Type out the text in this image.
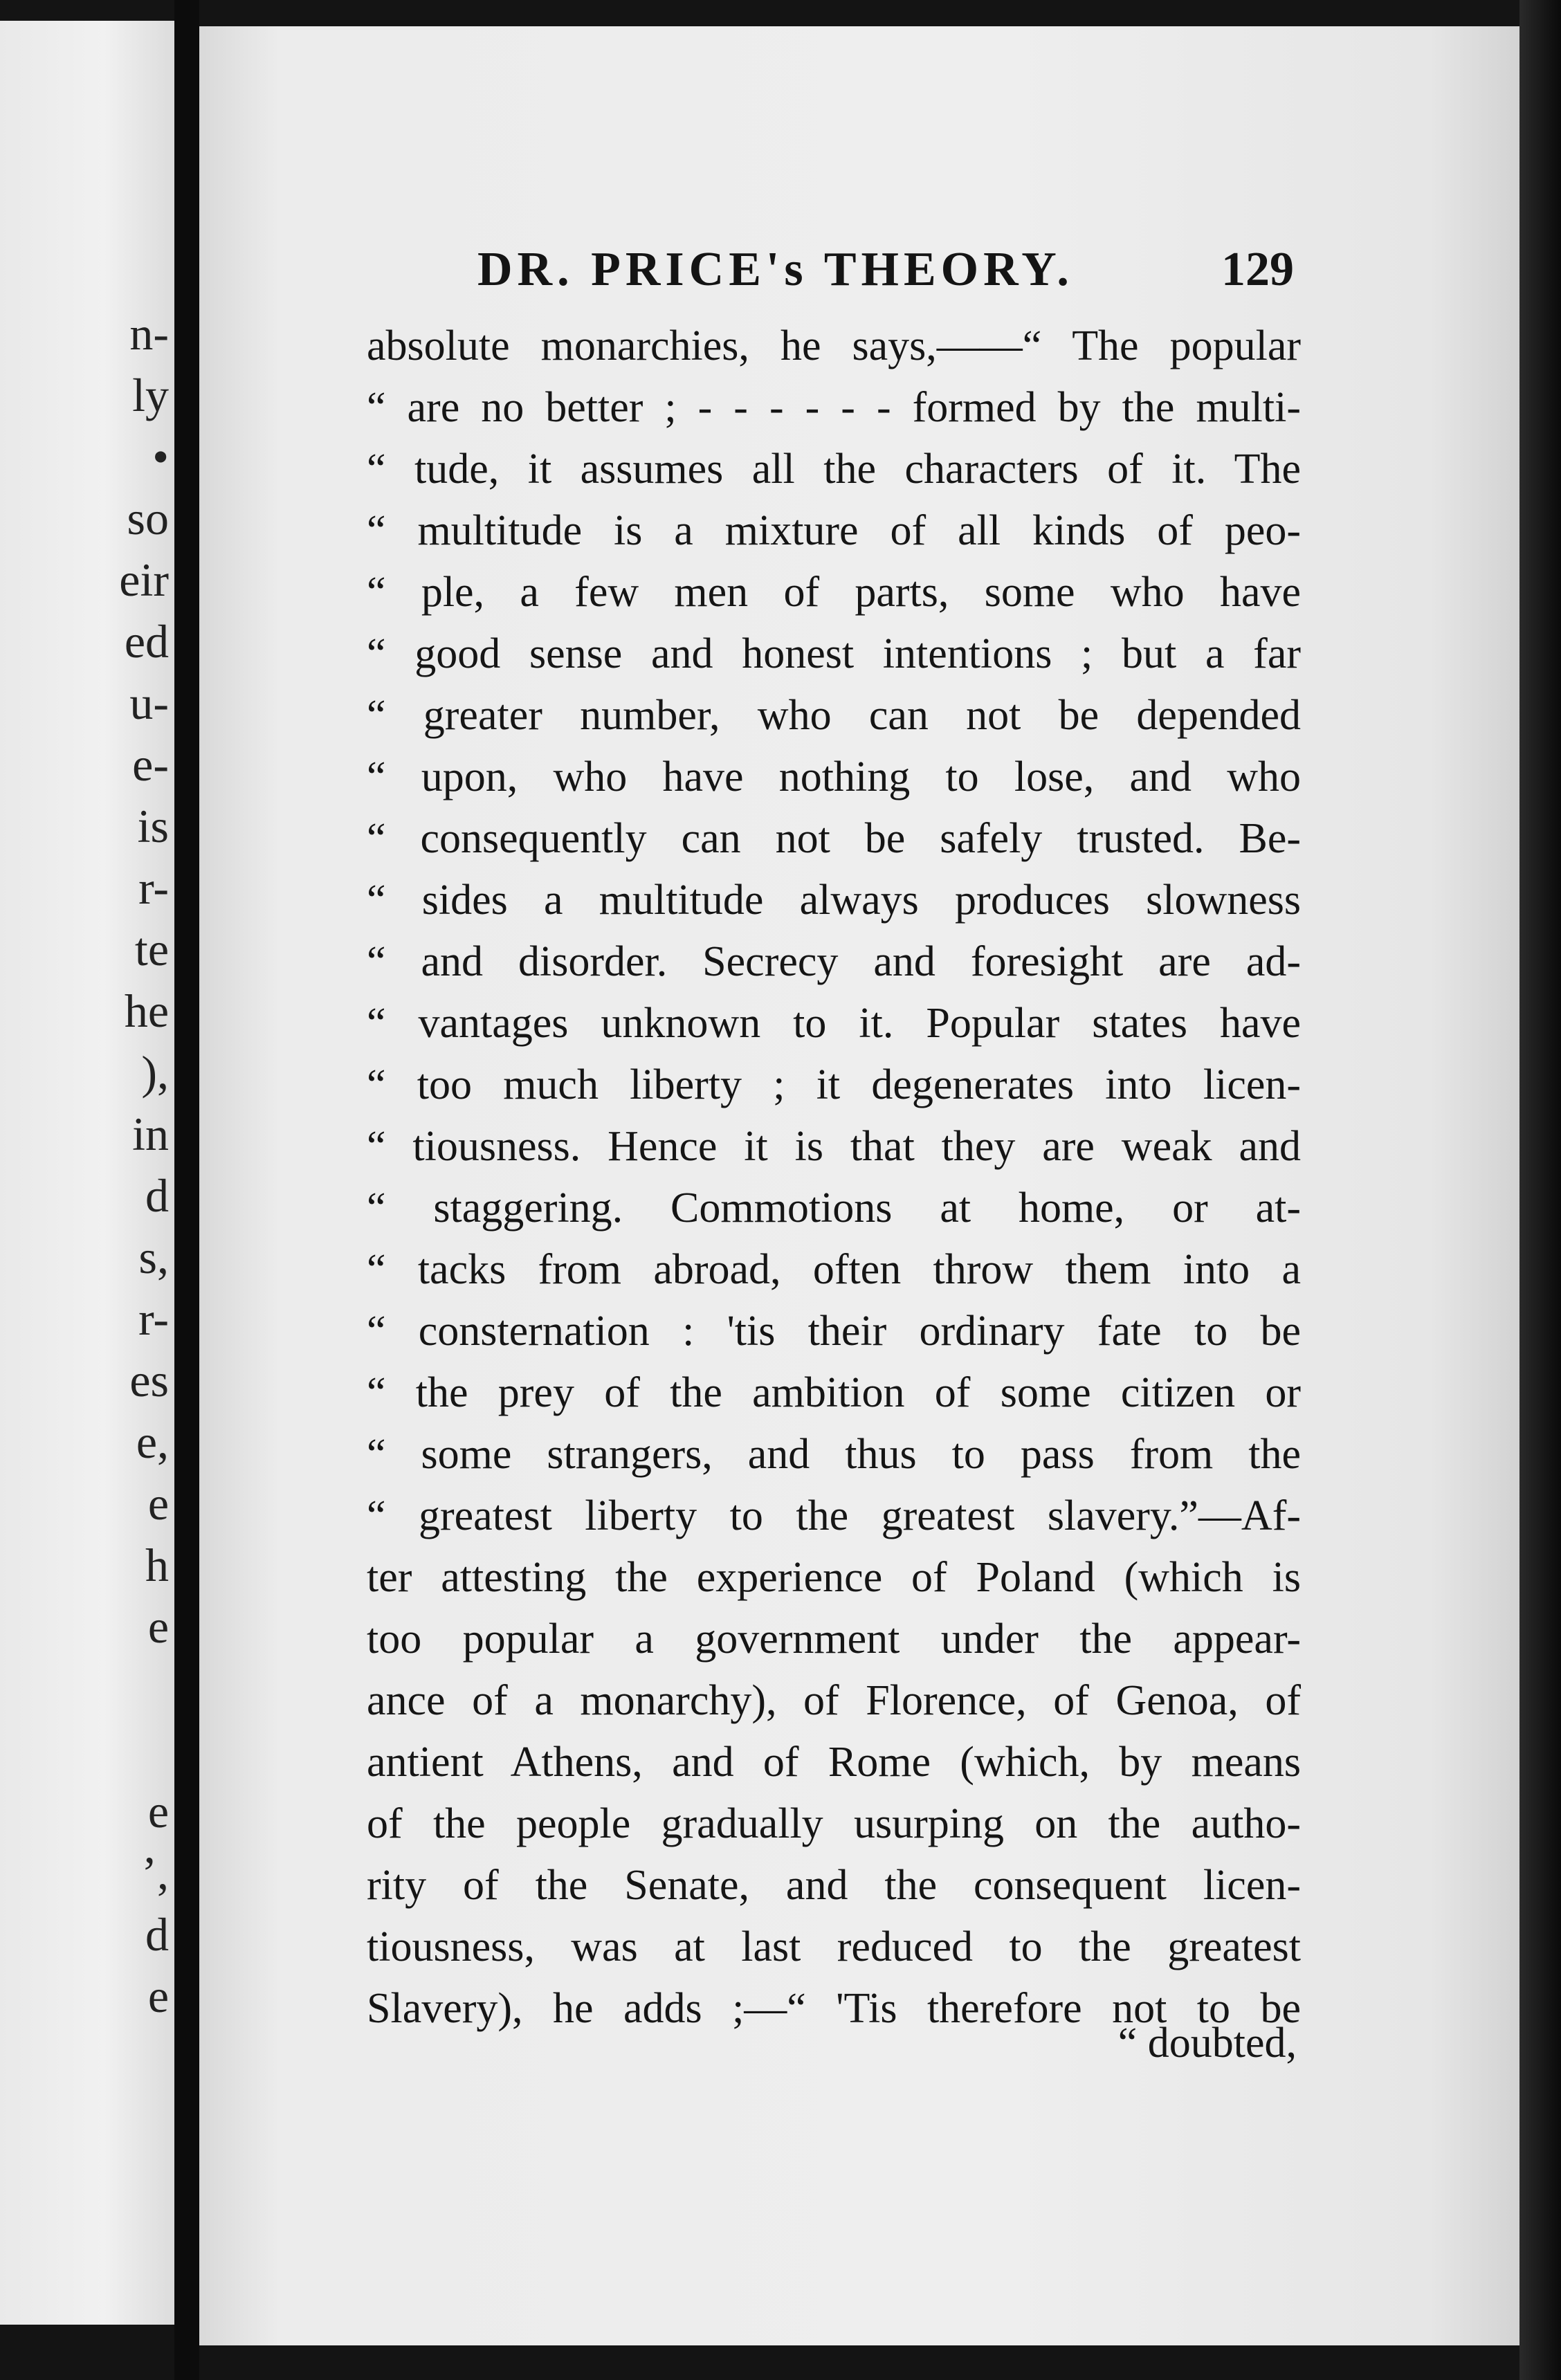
n-
ly
•
so
eir
ed
u-
e-
is
r-
te
he
),
in
d
s,
r-
es
e,
e
h
e
e
’,
d
e
DR. PRICE's THEORY.	129
absolute monarchies, he says,——“ The popular
“ are no better ; - - - - - - formed by the multi-
“ tude, it assumes all the characters of it. The
“ multitude is a mixture of all kinds of peo-
“ ple, a few men of parts, some who have
“ good sense and honest intentions ; but a far
“ greater number, who can not be depended
“ upon, who have nothing to lose, and who
“ consequently can not be safely trusted. Be-
“ sides a multitude always produces slowness
“ and disorder. Secrecy and foresight are ad-
“ vantages unknown to it. Popular states have
“ too much liberty ; it degenerates into licen-
“ tiousness. Hence it is that they are weak and
“ staggering. Commotions at home, or at-
“ tacks from abroad, often throw them into a
“ consternation : 'tis their ordinary fate to be
“ the prey of the ambition of some citizen or
“ some strangers, and thus to pass from the
“ greatest liberty to the greatest slavery.”—Af-
ter attesting the experience of Poland (which is
too popular a government under the appear-
ance of a monarchy), of Florence, of Genoa, of
antient Athens, and of Rome (which, by means
of the people gradually usurping on the autho-
rity of the Senate, and the consequent licen-
tiousness, was at last reduced to the greatest
Slavery), he adds ;—“ 'Tis therefore not to be
“ doubted,
